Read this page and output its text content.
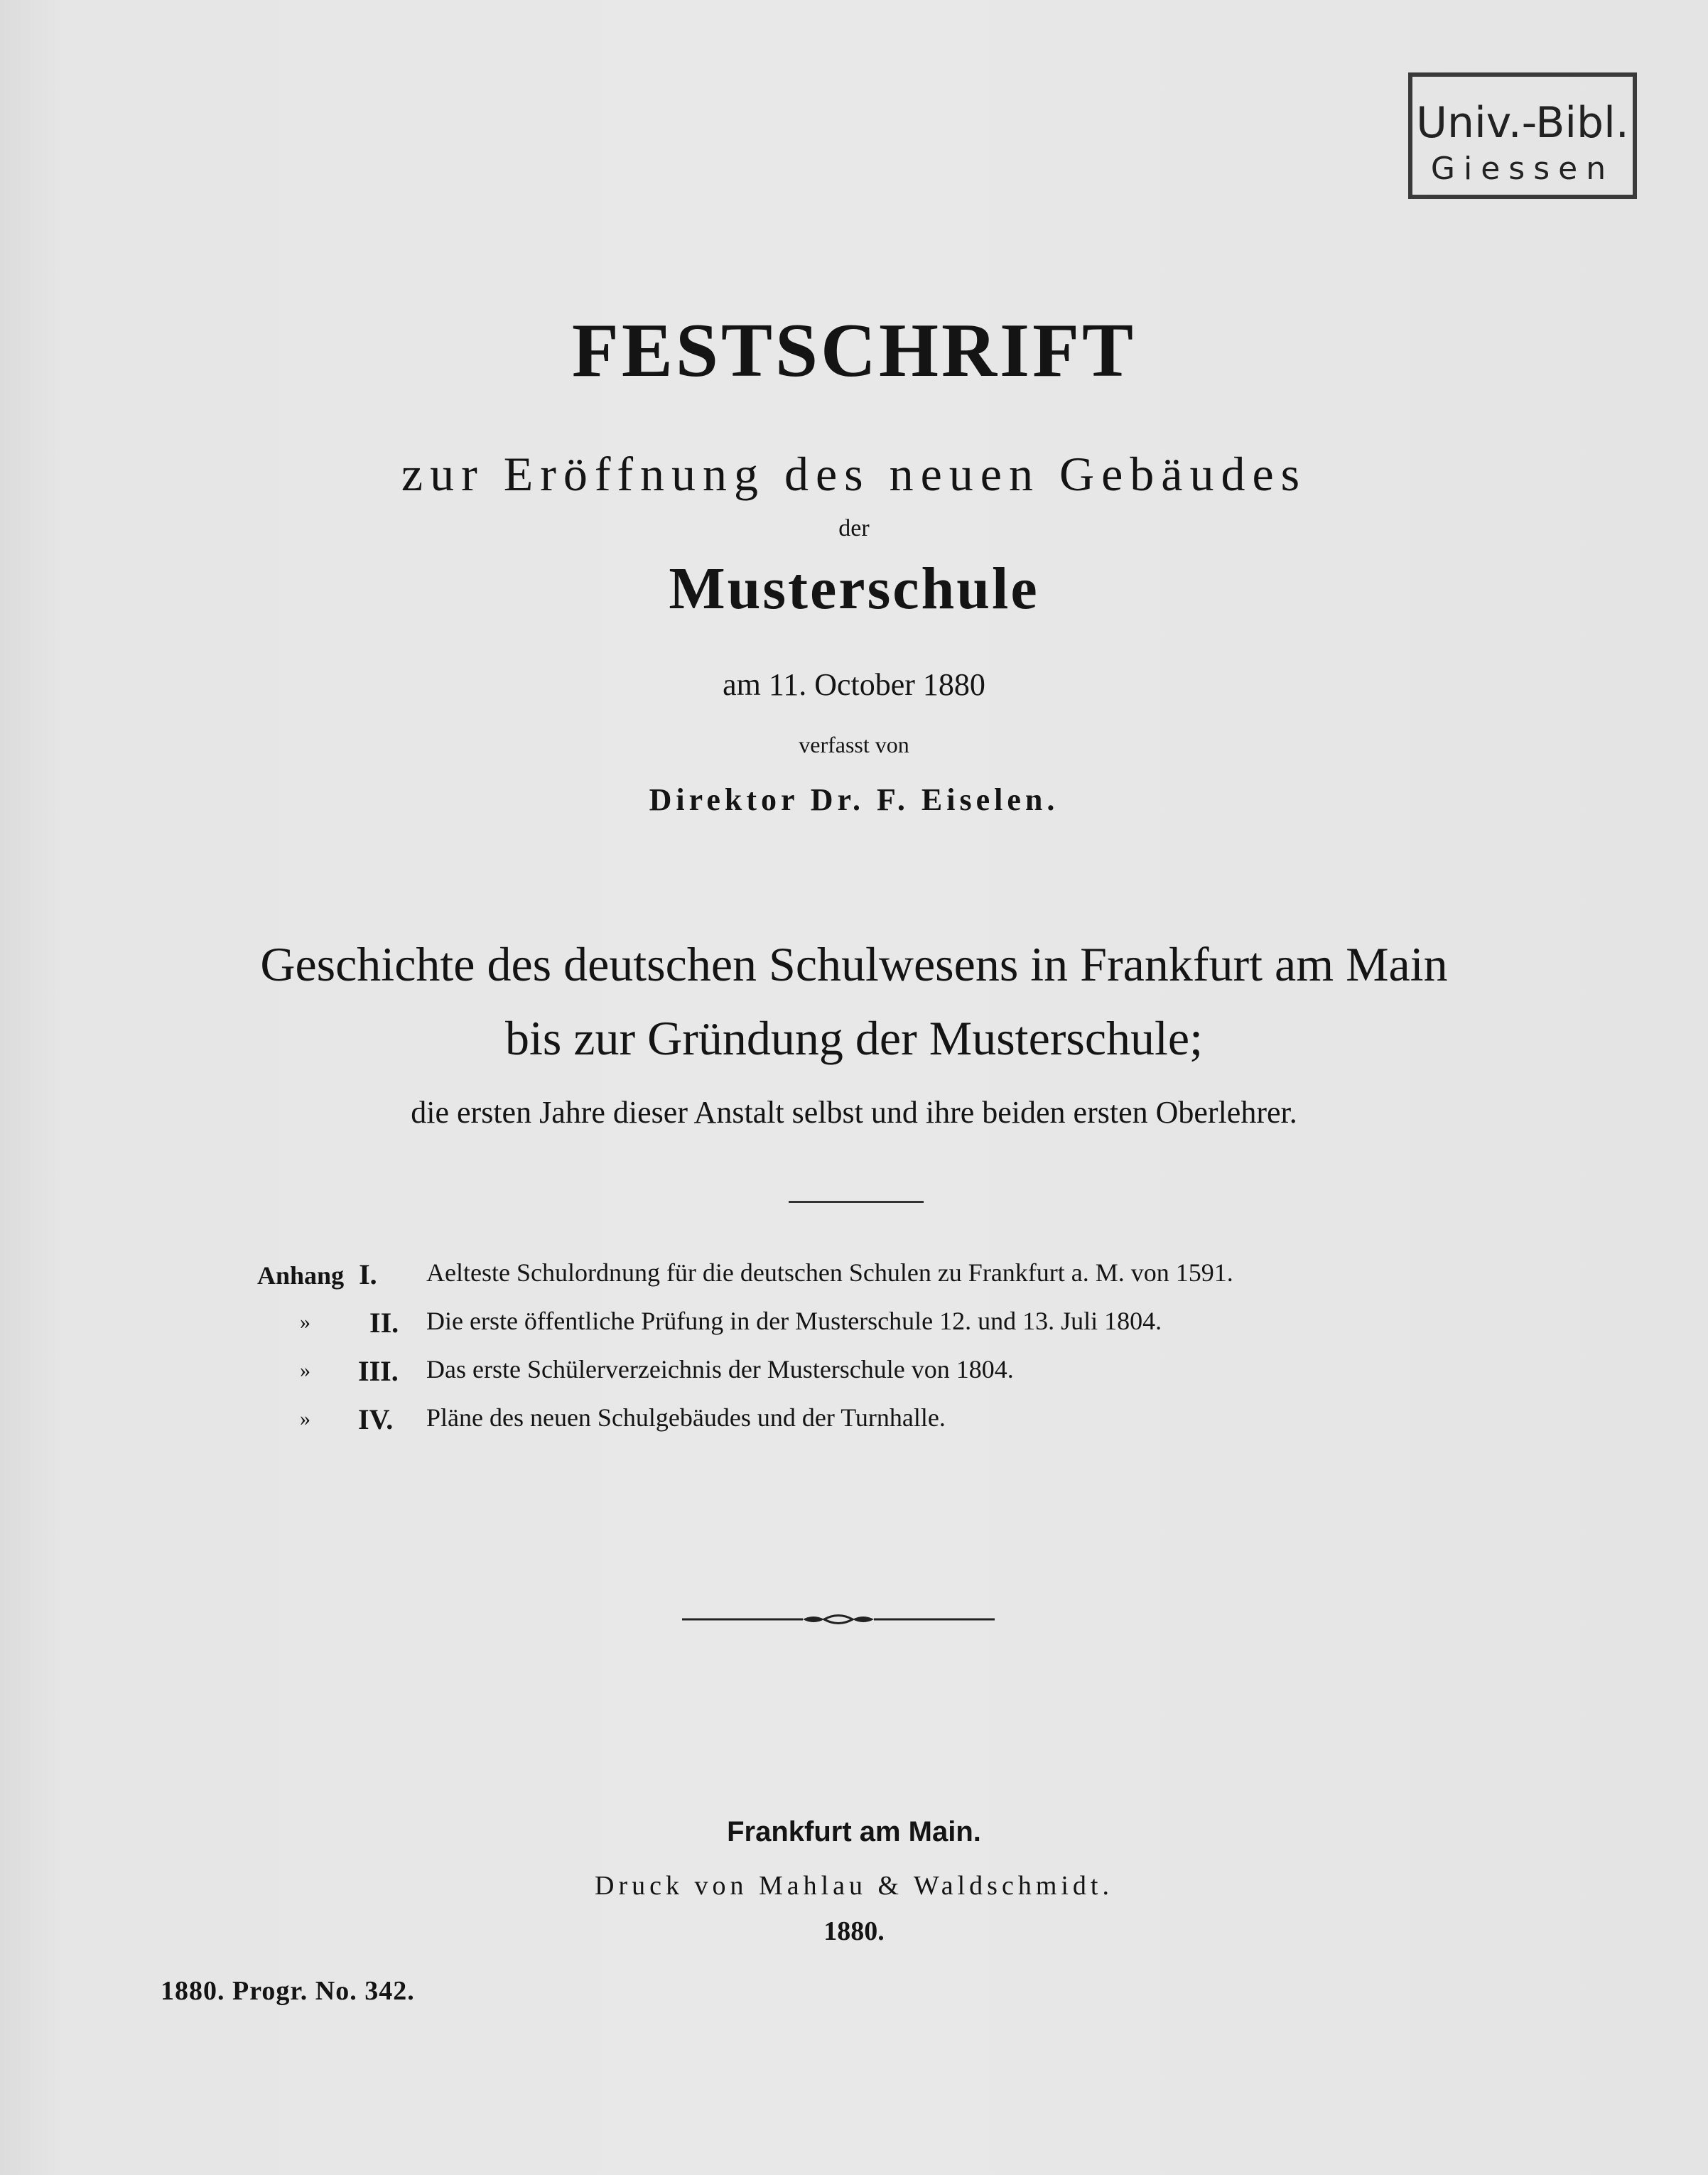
Univ.-Bibl.
Giessen
FESTSCHRIFT
zur Eröffnung des neuen Gebäudes
der
Musterschule
am 11. October 1880
verfasst von
Direktor Dr. F. Eiselen.
Geschichte des deutschen Schulwesens in Frankfurt am Main
bis zur Gründung der Musterschule;
die ersten Jahre dieser Anstalt selbst und ihre beiden ersten Oberlehrer.
Anhang I.	Aelteste Schulordnung für die deutschen Schulen zu Frankfurt a. M. von 1591.
» II. Die erste öffentliche Prüfung in der Musterschule 12. und 13. Juli 1804.
» III. Das erste Schülerverzeichnis der Musterschule von 1804.
» IV. Pläne des neuen Schulgebäudes und der Turnhalle.
Frankfurt am Main.
Druck von Mahlau & Waldschmidt.
1880.
1880. Progr. No. 342.
